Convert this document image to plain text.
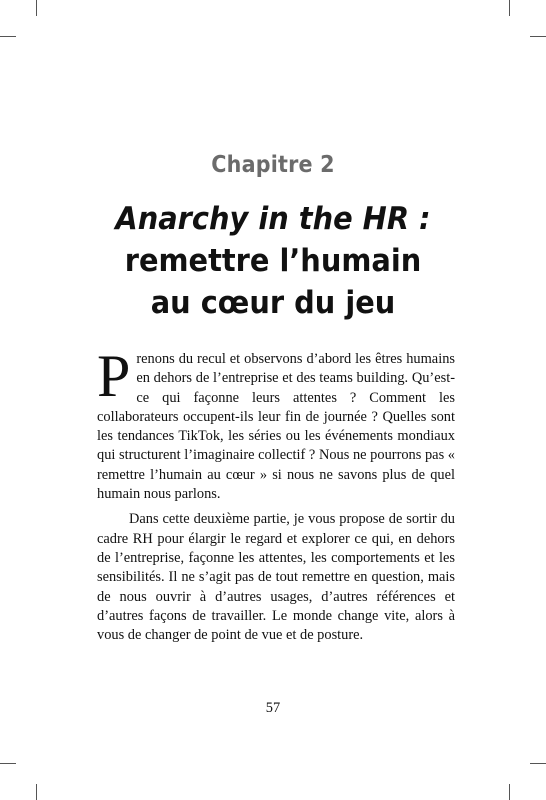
Chapitre 2
Anarchy in the HR :
remettre l’humain
au cœur du jeu

Prenons du recul et observons d’abord les êtres humains en dehors de l’entreprise et des teams building. Qu’est-ce qui façonne leurs attentes ? Comment les collaborateurs occupent-ils leur fin de journée ? Quelles sont les tendances TikTok, les séries ou les événements mondiaux qui structurent l’imaginaire collectif ? Nous ne pourrons pas « remettre l’humain au cœur » si nous ne savons plus de quel humain nous parlons.

Dans cette deuxième partie, je vous propose de sortir du cadre RH pour élargir le regard et explorer ce qui, en dehors de l’entreprise, façonne les attentes, les comportements et les sensibilités. Il ne s’agit pas de tout remettre en question, mais de nous ouvrir à d’autres usages, d’autres références et d’autres façons de travailler. Le monde change vite, alors à vous de changer de point de vue et de posture.

57
